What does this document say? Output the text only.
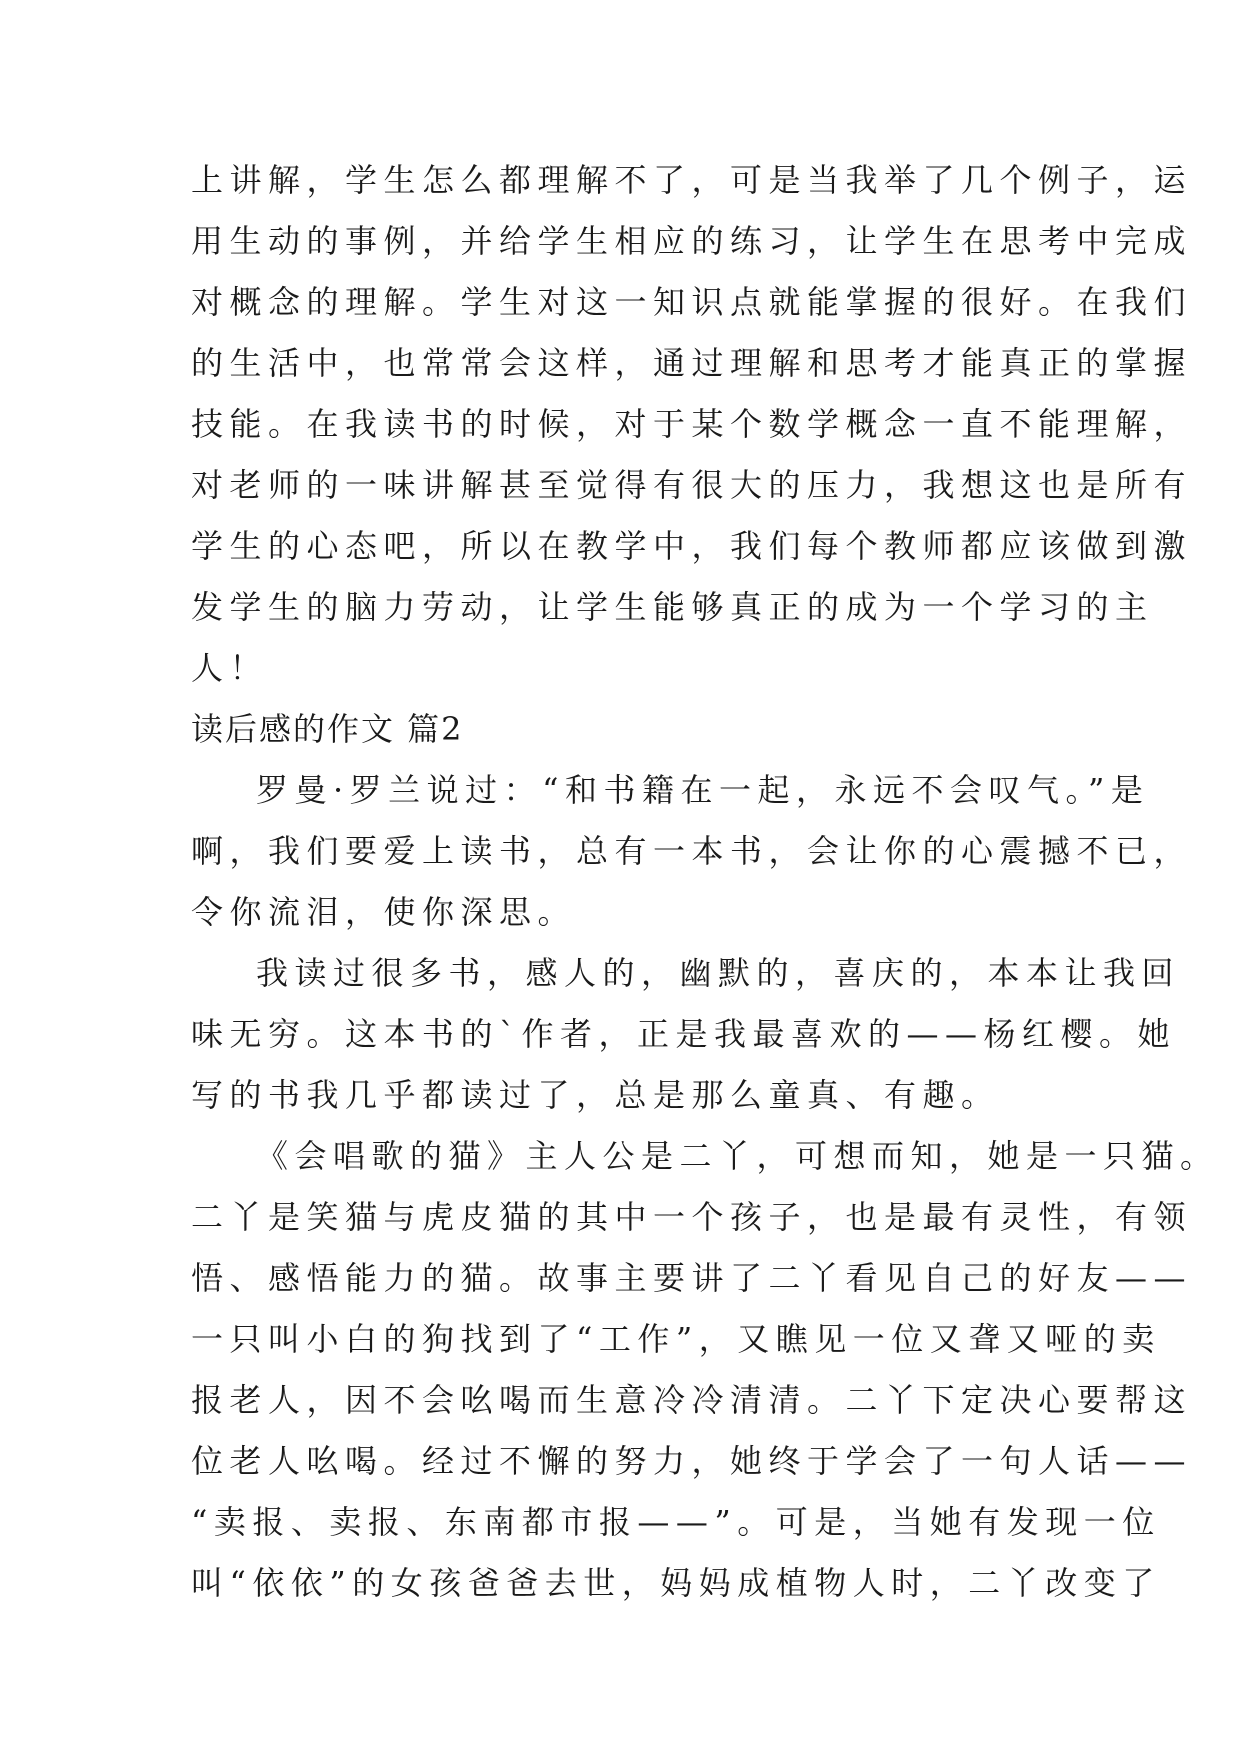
上讲解，学生怎么都理解不了，可是当我举了几个例子，运
用生动的事例，并给学生相应的练习，让学生在思考中完成
对概念的理解。学生对这一知识点就能掌握的很好。在我们
的生活中，也常常会这样，通过理解和思考才能真正的掌握
技能。在我读书的时候，对于某个数学概念一直不能理解，
对老师的一味讲解甚至觉得有很大的压力，我想这也是所有
学生的心态吧，所以在教学中，我们每个教师都应该做到激
发学生的脑力劳动，让学生能够真正的成为一个学习的主
人！
读后感的作文 篇2
罗曼·罗兰说过：“和书籍在一起，永远不会叹气。”是
啊，我们要爱上读书，总有一本书，会让你的心震撼不已，
令你流泪，使你深思。
我读过很多书，感人的，幽默的，喜庆的，本本让我回
味无穷。这本书的`作者，正是我最喜欢的——杨红樱。她
写的书我几乎都读过了，总是那么童真、有趣。
《会唱歌的猫》主人公是二丫，可想而知，她是一只猫。
二丫是笑猫与虎皮猫的其中一个孩子，也是最有灵性，有领
悟、感悟能力的猫。故事主要讲了二丫看见自己的好友——
一只叫小白的狗找到了“工作”，又瞧见一位又聋又哑的卖
报老人，因不会吆喝而生意冷冷清清。二丫下定决心要帮这
位老人吆喝。经过不懈的努力，她终于学会了一句人话——
“卖报、卖报、东南都市报——”。可是，当她有发现一位
叫“依依”的女孩爸爸去世，妈妈成植物人时，二丫改变了
